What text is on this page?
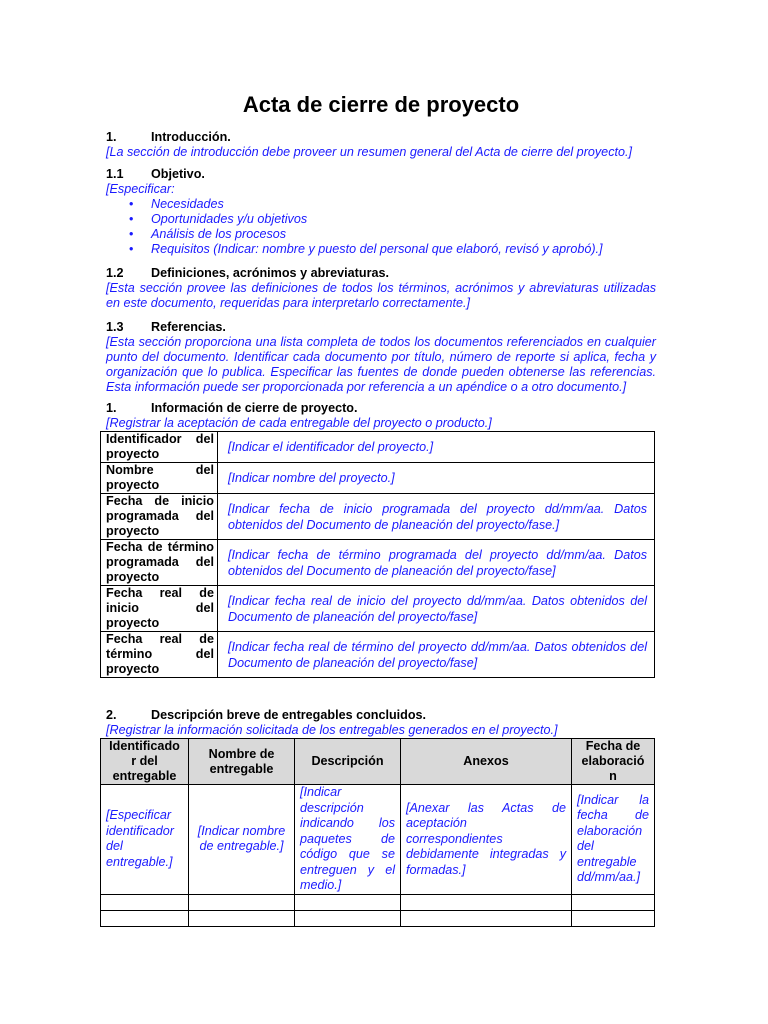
Acta de cierre de proyecto
1.	Introducción.
[La sección de introducción debe proveer un resumen general del Acta de cierre del proyecto.]
1.1	Objetivo.
[Especificar:
• Necesidades
• Oportunidades y/u objetivos
• Análisis de los procesos
• Requisitos (Indicar: nombre y puesto del personal que elaboró, revisó y aprobó).]
1.2	Definiciones, acrónimos y abreviaturas.
[Esta sección provee las definiciones de todos los términos, acrónimos y abreviaturas utilizadas en este documento, requeridas para interpretarlo correctamente.]
1.3	Referencias.
[Esta sección proporciona una lista completa de todos los documentos referenciados en cualquier punto del documento. Identificar cada documento por título, número de reporte si aplica, fecha y organización que lo publica. Especificar las fuentes de donde pueden obtenerse las referencias. Esta información puede ser proporcionada por referencia a un apéndice o a otro documento.]
1.	Información de cierre de proyecto.
[Registrar la aceptación de cada entregable del proyecto o producto.]
Identificador del proyecto	[Indicar el identificador del proyecto.]
Nombre del proyecto	[Indicar nombre del proyecto.]
Fecha de inicio programada del proyecto	[Indicar fecha de inicio programada del proyecto dd/mm/aa. Datos obtenidos del Documento de planeación del proyecto/fase.]
Fecha de término programada del proyecto	[Indicar fecha de término programada del proyecto dd/mm/aa. Datos obtenidos del Documento de planeación del proyecto/fase]
Fecha real de inicio del proyecto	[Indicar fecha real de inicio del proyecto dd/mm/aa. Datos obtenidos del Documento de planeación del proyecto/fase]
Fecha real de término del proyecto	[Indicar fecha real de término del proyecto dd/mm/aa. Datos obtenidos del Documento de planeación del proyecto/fase]
2.	Descripción breve de entregables concluidos.
[Registrar la información solicitada de los entregables generados en el proyecto.]
Identificado r del entregable	Nombre de entregable	Descripción	Anexos	Fecha de elaboració n
[Especificar identificador del entregable.]	[Indicar nombre de entregable.]	[Indicar descripción indicando los paquetes de código que se entreguen y el medio.]	[Anexar las Actas de aceptación correspondientes debidamente integradas y formadas.]	[Indicar la fecha de elaboración del entregable dd/mm/aa.]
